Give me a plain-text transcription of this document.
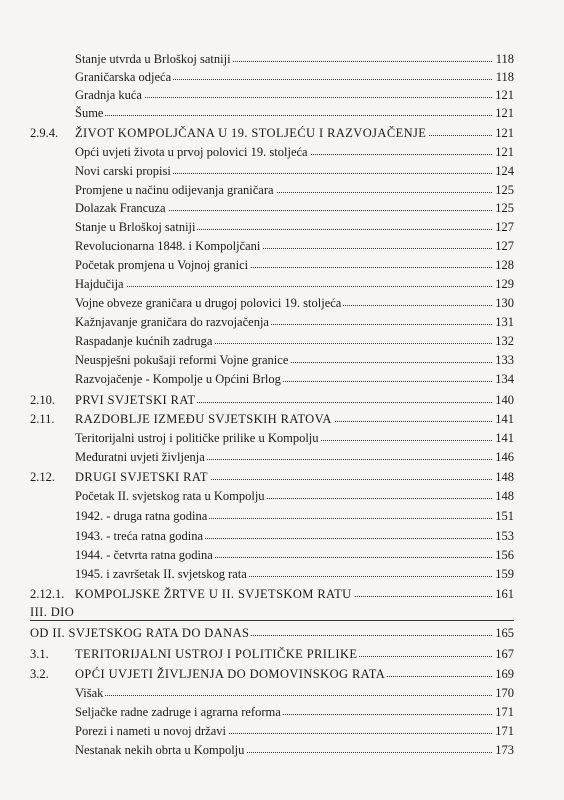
Stanje utvrda u Brloškoj satniji	118
Graničarska odjeća	118
Gradnja kuća	121
Šume	121
2.9.4. ŽIVOT KOMPOLJČANA U 19. STOLJEĆU I RAZVOJAČENJE	121
Opći uvjeti života u prvoj polovici 19. stoljeća	121
Novi carski propisi	124
Promjene u načinu odijevanja graničara	125
Dolazak Francuza	125
Stanje u Brloškoj satniji	127
Revolucionarna 1848. i Kompoljčani	127
Početak promjena u Vojnoj granici	128
Hajdučija	129
Vojne obveze graničara u drugoj polovici 19. stoljeća	130
Kažnjavanje graničara do razvojačenja	131
Raspadanje kućnih zadruga	132
Neuspješni pokušaji reformi Vojne granice	133
Razvojačenje - Kompolje u Općini Brlog	134
2.10. PRVI SVJETSKI RAT	140
2.11. RAZDOBLJE IZMEĐU SVJETSKIH RATOVA	141
Teritorijalni ustroj i političke prilike u Kompolju	141
Međuratni uvjeti življenja	146
2.12. DRUGI SVJETSKI RAT	148
Početak II. svjetskog rata u Kompolju	148
1942. - druga ratna godina	151
1943. - treća ratna godina	153
1944. - četvrta ratna godina	156
1945. i završetak II. svjetskog rata	159
2.12.1. KOMPOLJSKE ŽRTVE U II. SVJETSKOM RATU	161
III. DIO
OD II. SVJETSKOG RATA DO DANAS	165
3.1. TERITORIJALNI USTROJ I POLITIČKE PRILIKE	167
3.2. OPĆI UVJETI ŽIVLJENJA DO DOMOVINSKOG RATA	169
Višak	170
Seljačke radne zadruge i agrarna reforma	171
Porezi i nameti u novoj državi	171
Nestanak nekih obrta u Kompolju	173
